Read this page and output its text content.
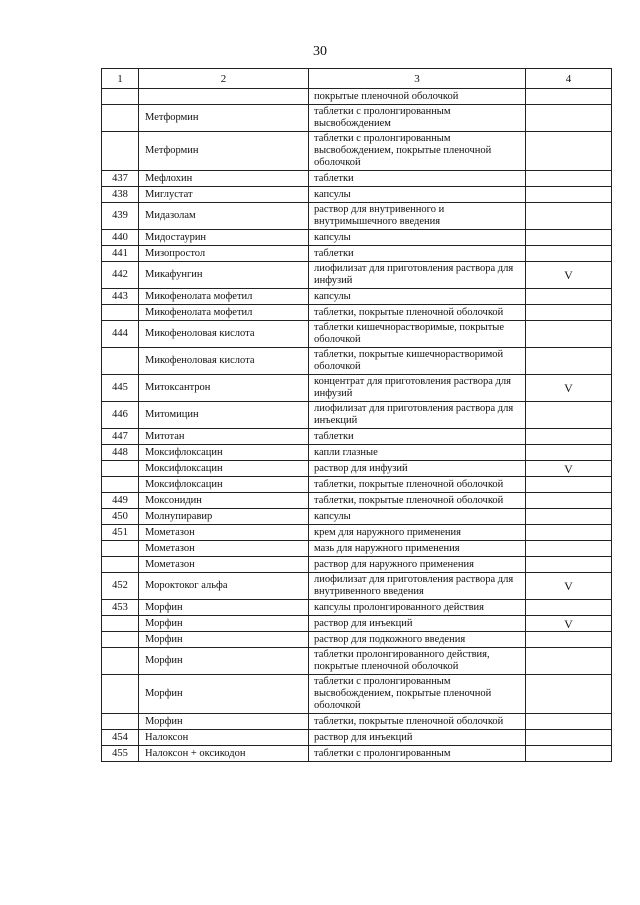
30
1	2	3	4
		покрытые пленочной оболочкой	
	Метформин	таблетки с пролонгированным высвобождением	
	Метформин	таблетки с пролонгированным высвобождением, покрытые пленочной оболочкой	
437	Мефлохин	таблетки	
438	Миглустат	капсулы	
439	Мидазолам	раствор для внутривенного и внутримышечного введения	
440	Мидостаурин	капсулы	
441	Мизопростол	таблетки	
442	Микафунгин	лиофилизат для приготовления раствора для инфузий	V
443	Микофенолата мофетил	капсулы	
	Микофенолата мофетил	таблетки, покрытые пленочной оболочкой	
444	Микофеноловая кислота	таблетки кишечнорастворимые, покрытые оболочкой	
	Микофеноловая кислота	таблетки, покрытые кишечнорастворимой оболочкой	
445	Митоксантрон	концентрат для приготовления раствора для инфузий	V
446	Митомицин	лиофилизат для приготовления раствора для инъекций	
447	Митотан	таблетки	
448	Моксифлоксацин	капли глазные	
	Моксифлоксацин	раствор для инфузий	V
	Моксифлоксацин	таблетки, покрытые пленочной оболочкой	
449	Моксонидин	таблетки, покрытые пленочной оболочкой	
450	Молнупиравир	капсулы	
451	Мометазон	крем для наружного применения	
	Мометазон	мазь для наружного применения	
	Мометазон	раствор для наружного применения	
452	Мороктоког альфа	лиофилизат для приготовления раствора для внутривенного введения	V
453	Морфин	капсулы пролонгированного действия	
	Морфин	раствор для инъекций	V
	Морфин	раствор для подкожного введения	
	Морфин	таблетки пролонгированного действия, покрытые пленочной оболочкой	
	Морфин	таблетки с пролонгированным высвобождением, покрытые пленочной оболочкой	
	Морфин	таблетки, покрытые пленочной оболочкой	
454	Налоксон	раствор для инъекций	
455	Налоксон + оксикодон	таблетки с пролонгированным	
